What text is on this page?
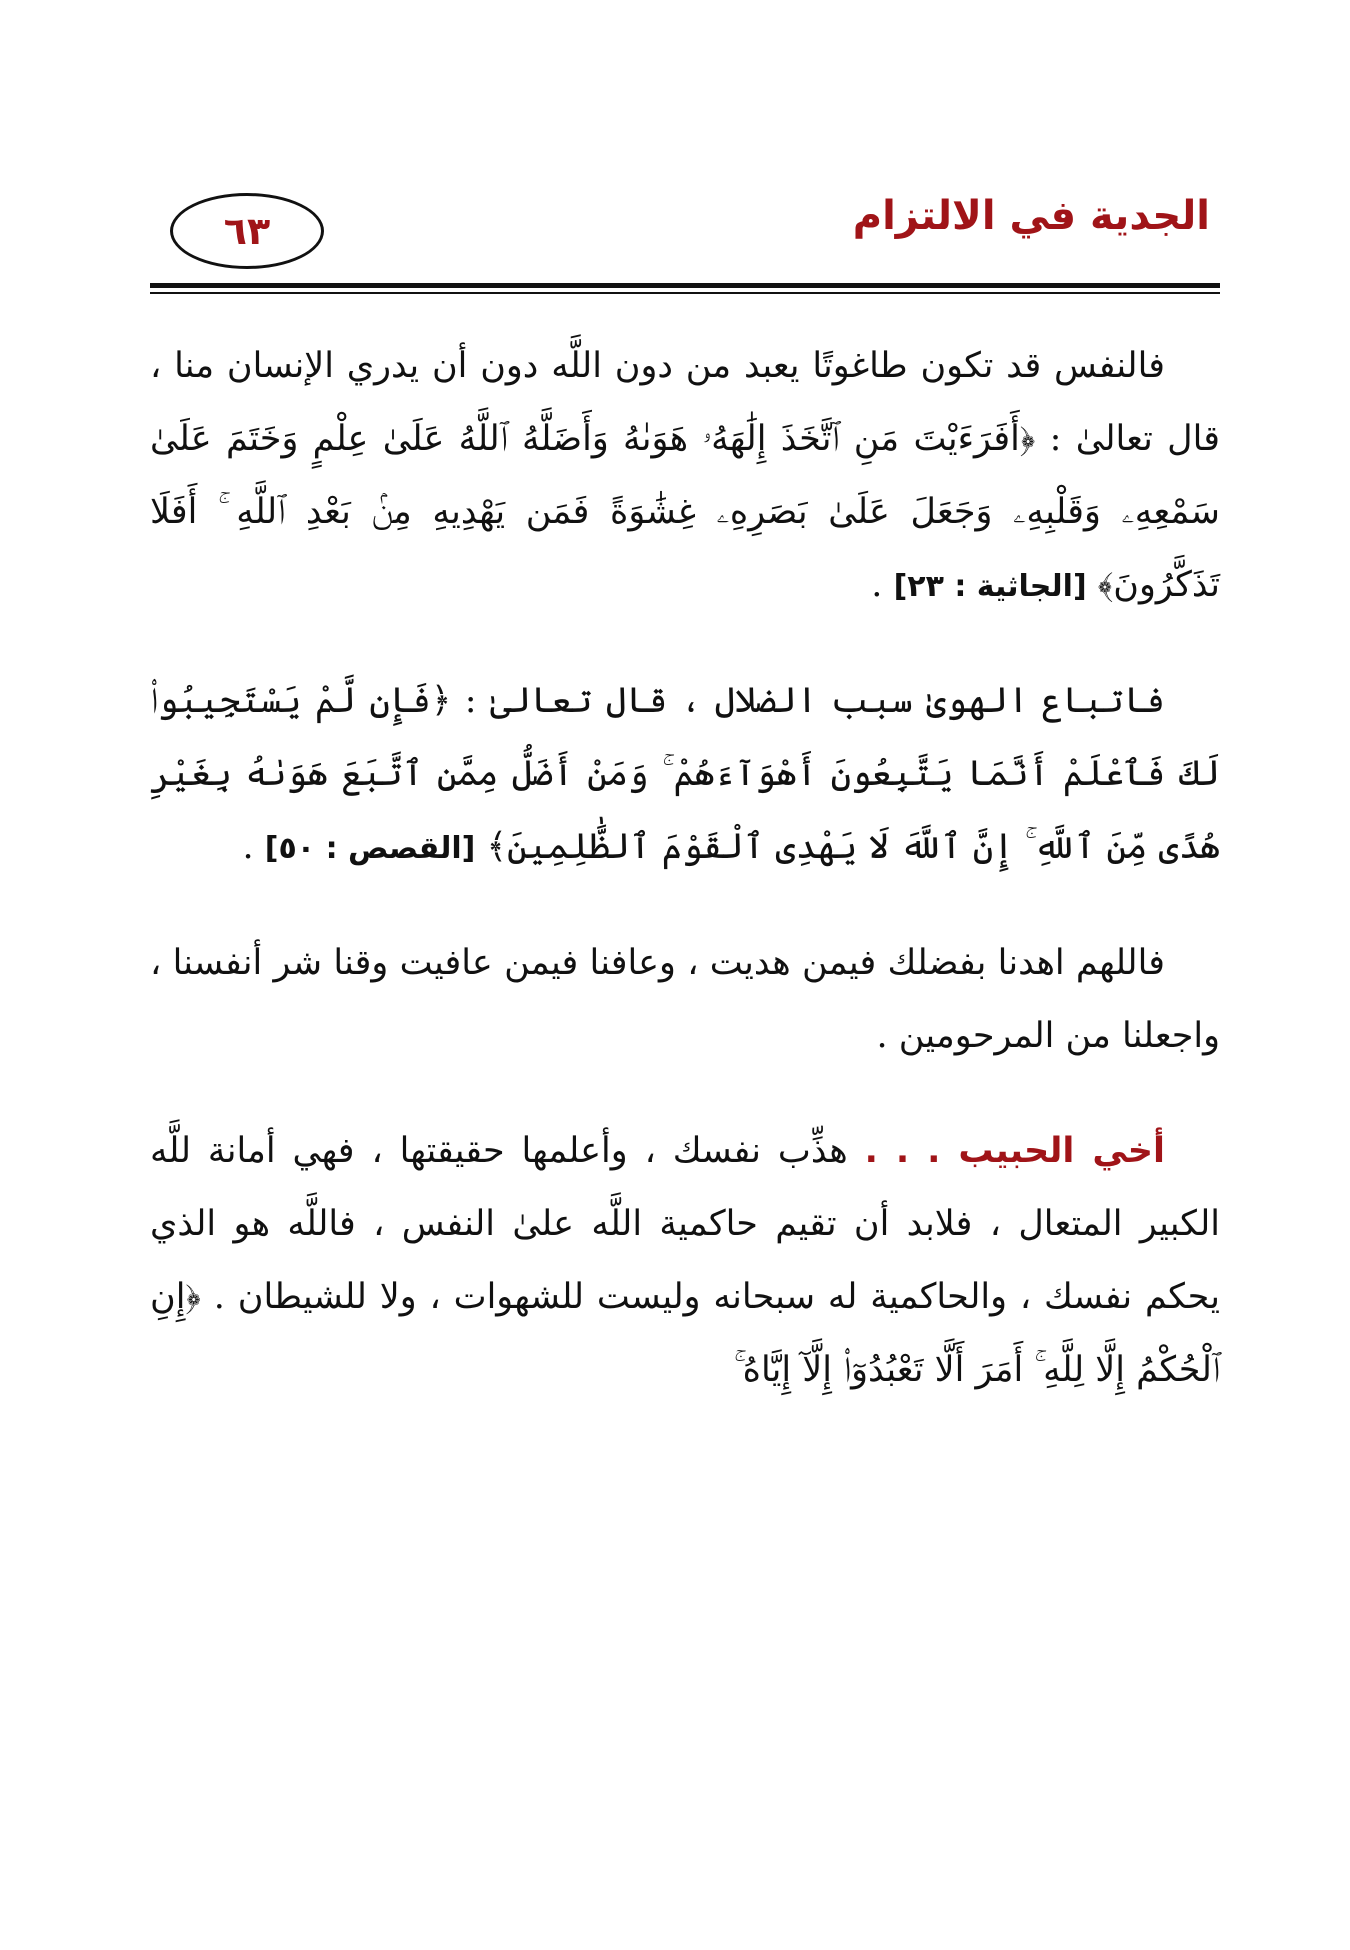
٦٣	الجدية في الالتزام

فالنفس قد تكون طاغوتًا يعبد من دون اللَّه دون أن يدري الإنسان منا ، قال تعالىٰ : ﴿أَفَرَءَيْتَ مَنِ ٱتَّخَذَ إِلَٰهَهُۥ هَوَىٰهُ وَأَضَلَّهُ ٱللَّهُ عَلَىٰ عِلْمٍ وَخَتَمَ عَلَىٰ سَمْعِهِۦ وَقَلْبِهِۦ وَجَعَلَ عَلَىٰ بَصَرِهِۦ غِشَٰوَةً فَمَن يَهْدِيهِ مِنۢ بَعْدِ ٱللَّهِ ۚ أَفَلَا تَذَكَّرُونَ﴾ [الجاثية : ٢٣] .

فاتباع الهوىٰ سبب الضلال ، قال تعالىٰ : ﴿فَإِن لَّمْ يَسْتَجِيبُوا۟ لَكَ فَٱعْلَمْ أَنَّمَا يَتَّبِعُونَ أَهْوَآءَهُمْ ۚ وَمَنْ أَضَلُّ مِمَّنِ ٱتَّبَعَ هَوَىٰهُ بِغَيْرِ هُدًى مِّنَ ٱللَّهِ ۚ إِنَّ ٱللَّهَ لَا يَهْدِى ٱلْقَوْمَ ٱلظَّٰلِمِينَ﴾ [القصص : ٥٠] .

فاللهم اهدنا بفضلك فيمن هديت ، وعافنا فيمن عافيت وقنا شر أنفسنا ، واجعلنا من المرحومين .

أخي الحبيب . . . هذِّب نفسك ، وأعلمها حقيقتها ، فهي أمانة للَّه الكبير المتعال ، فلابد أن تقيم حاكمية اللَّه علىٰ النفس ، فاللَّه هو الذي يحكم نفسك ، والحاكمية له سبحانه وليست للشهوات ، ولا للشيطان . ﴿إِنِ ٱلْحُكْمُ إِلَّا لِلَّهِ ۚ أَمَرَ أَلَّا تَعْبُدُوٓا۟ إِلَّآ إِيَّاهُ ۚ
